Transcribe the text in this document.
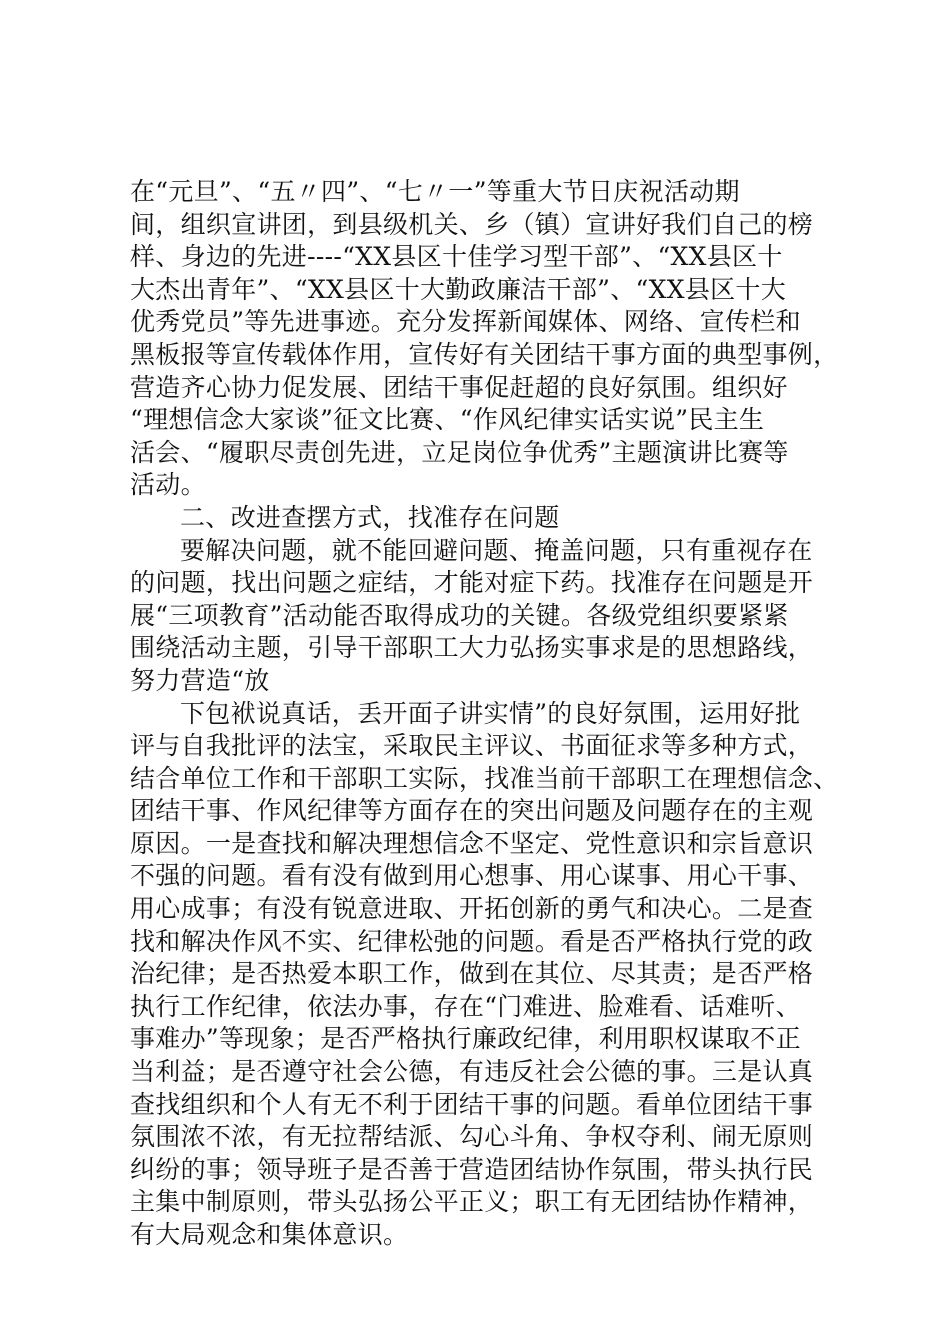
在“元旦”、“五〃四”、“七〃一”等重大节日庆祝活动期
间，组织宣讲团，到县级机关、乡（镇）宣讲好我们自己的榜
样、身边的先进----“XX县区十佳学习型干部”、“XX县区十
大杰出青年”、“XX县区十大勤政廉洁干部”、“XX县区十大
优秀党员”等先进事迹。充分发挥新闻媒体、网络、宣传栏和
黑板报等宣传载体作用，宣传好有关团结干事方面的典型事例，
营造齐心协力促发展、团结干事促赶超的良好氛围。组织好
“理想信念大家谈”征文比赛、“作风纪律实话实说”民主生
活会、“履职尽责创先进，立足岗位争优秀”主题演讲比赛等
活动。
二、改进查摆方式，找准存在问题
要解决问题，就不能回避问题、掩盖问题，只有重视存在
的问题，找出问题之症结，才能对症下药。找准存在问题是开
展“三项教育”活动能否取得成功的关键。各级党组织要紧紧
围绕活动主题，引导干部职工大力弘扬实事求是的思想路线，
努力营造“放
下包袱说真话，丢开面子讲实情”的良好氛围，运用好批
评与自我批评的法宝，采取民主评议、书面征求等多种方式，
结合单位工作和干部职工实际，找准当前干部职工在理想信念、
团结干事、作风纪律等方面存在的突出问题及问题存在的主观
原因。一是查找和解决理想信念不坚定、党性意识和宗旨意识
不强的问题。看有没有做到用心想事、用心谋事、用心干事、
用心成事；有没有锐意进取、开拓创新的勇气和决心。二是查
找和解决作风不实、纪律松弛的问题。看是否严格执行党的政
治纪律；是否热爱本职工作，做到在其位、尽其责；是否严格
执行工作纪律，依法办事，存在“门难进、脸难看、话难听、
事难办”等现象；是否严格执行廉政纪律，利用职权谋取不正
当利益；是否遵守社会公德，有违反社会公德的事。三是认真
查找组织和个人有无不利于团结干事的问题。看单位团结干事
氛围浓不浓，有无拉帮结派、勾心斗角、争权夺利、闹无原则
纠纷的事；领导班子是否善于营造团结协作氛围，带头执行民
主集中制原则，带头弘扬公平正义；职工有无团结协作精神，
有大局观念和集体意识。
